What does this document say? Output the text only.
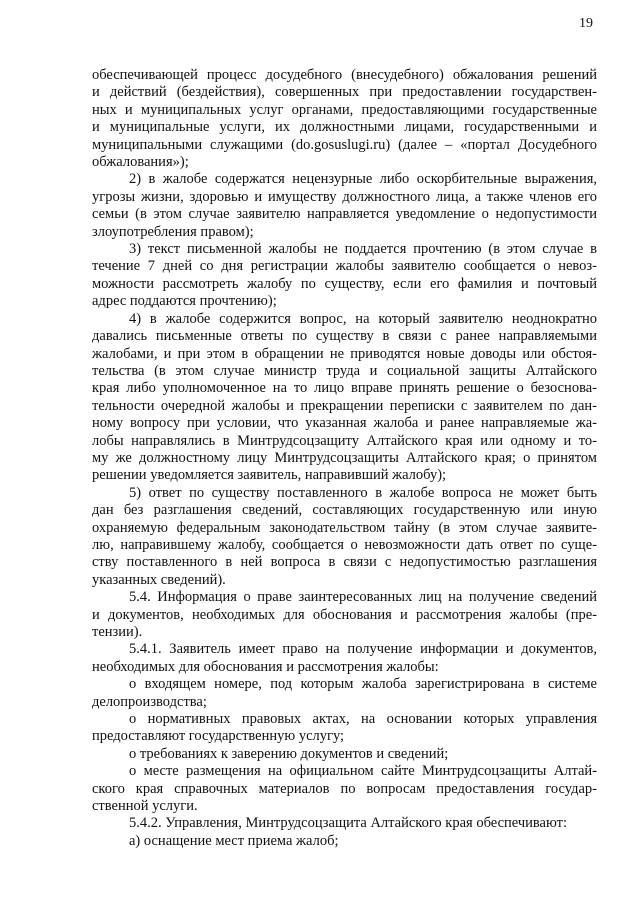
19

обеспечивающей процесс досудебного (внесудебного) обжалования решений
и действий (бездействия), совершенных при предоставлении государствен-
ных и муниципальных услуг органами, предоставляющими государственные
и муниципальные услуги, их должностными лицами, государственными и
муниципальными служащими (do.gosuslugi.ru) (далее – «портал Досудебного
обжалования»);

2) в жалобе содержатся нецензурные либо оскорбительные выражения,
угрозы жизни, здоровью и имуществу должностного лица, а также членов его
семьи (в этом случае заявителю направляется уведомление о недопустимости
злоупотребления правом);

3) текст письменной жалобы не поддается прочтению (в этом случае в
течение 7 дней со дня регистрации жалобы заявителю сообщается о невоз-
можности рассмотреть жалобу по существу, если его фамилия и почтовый
адрес поддаются прочтению);

4) в жалобе содержится вопрос, на который заявителю неоднократно
давались письменные ответы по существу в связи с ранее направляемыми
жалобами, и при этом в обращении не приводятся новые доводы или обстоя-
тельства (в этом случае министр труда и социальной защиты Алтайского
края либо уполномоченное на то лицо вправе принять решение о безоснова-
тельности очередной жалобы и прекращении переписки с заявителем по дан-
ному вопросу при условии, что указанная жалоба и ранее направляемые жа-
лобы направлялись в Минтрудсоцзащиту Алтайского края или одному и то-
му же должностному лицу Минтрудсоцзащиты Алтайского края; о принятом
решении уведомляется заявитель, направивший жалобу);

5) ответ по существу поставленного в жалобе вопроса не может быть
дан без разглашения сведений, составляющих государственную или иную
охраняемую федеральным законодательством тайну (в этом случае заявите-
лю, направившему жалобу, сообщается о невозможности дать ответ по суще-
ству поставленного в ней вопроса в связи с недопустимостью разглашения
указанных сведений).

5.4. Информация о праве заинтересованных лиц на получение сведений
и документов, необходимых для обоснования и рассмотрения жалобы (пре-
тензии).

5.4.1. Заявитель имеет право на получение информации и документов,
необходимых для обоснования и рассмотрения жалобы:

о входящем номере, под которым жалоба зарегистрирована в системе
делопроизводства;

о нормативных правовых актах, на основании которых управления
предоставляют государственную услугу;

о требованиях к заверению документов и сведений;

о месте размещения на официальном сайте Минтрудсоцзащиты Алтай-
ского края справочных материалов по вопросам предоставления государ-
ственной услуги.

5.4.2. Управления, Минтрудсоцзащита Алтайского края обеспечивают:

а) оснащение мест приема жалоб;
